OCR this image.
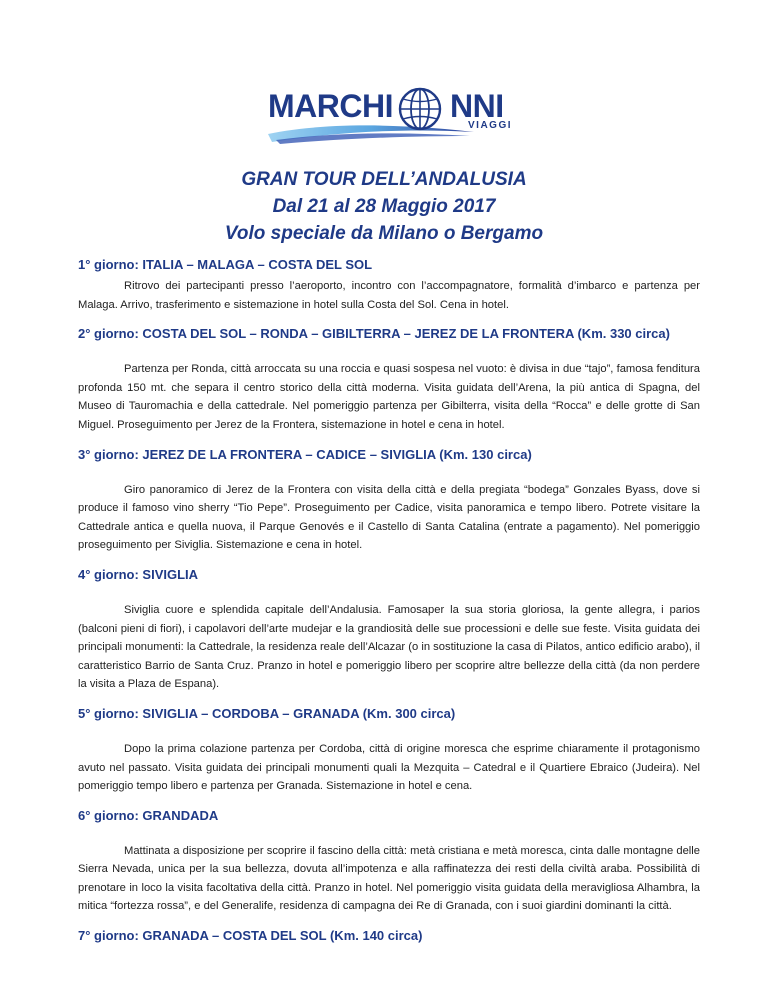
MARCHI NNI
VIAGGI
GRAN TOUR DELL’ANDALUSIA
Dal 21 al 28 Maggio 2017
Volo speciale da Milano o Bergamo
1° giorno: ITALIA – MALAGA – COSTA DEL SOL

Ritrovo dei partecipanti presso l’aeroporto, incontro con l’accompagnatore, formalità d’imbarco e partenza per Malaga. Arrivo, trasferimento e sistemazione in hotel sulla Costa del Sol. Cena in hotel.

2° giorno: COSTA DEL SOL – RONDA – GIBILTERRA – JEREZ DE LA FRONTERA (Km. 330 circa)

Partenza per Ronda, città arroccata su una roccia e quasi sospesa nel vuoto: è divisa in due “tajo”, famosa fenditura profonda 150 mt. che separa il centro storico della città moderna. Visita guidata dell’Arena, la più antica di Spagna, del Museo di Tauromachia e della cattedrale. Nel pomeriggio partenza per Gibilterra, visita della “Rocca” e delle grotte di San Miguel. Proseguimento per Jerez de la Frontera, sistemazione in hotel e cena in hotel.

3° giorno: JEREZ DE LA FRONTERA – CADICE – SIVIGLIA (Km. 130 circa)

Giro panoramico di Jerez de la Frontera con visita della città e della pregiata “bodega” Gonzales Byass, dove si produce il famoso vino sherry “Tio Pepe”. Proseguimento per Cadice, visita panoramica e tempo libero. Potrete visitare la Cattedrale antica e quella nuova, il Parque Genovés e il Castello di Santa Catalina (entrate a pagamento). Nel pomeriggio proseguimento per Siviglia. Sistemazione e cena in hotel.

4° giorno: SIVIGLIA

Siviglia cuore e splendida capitale dell’Andalusia. Famosaper la sua storia gloriosa, la gente allegra, i parios (balconi pieni di fiori), i capolavori dell’arte mudejar e la grandiosità delle sue processioni e delle sue feste. Visita guidata dei principali monumenti: la Cattedrale, la residenza reale dell’Alcazar (o in sostituzione la casa di Pilatos, antico edificio arabo), il caratteristico Barrio de Santa Cruz. Pranzo in hotel e pomeriggio libero per scoprire altre bellezze della città (da non perdere la visita a Plaza de Espana).

5° giorno: SIVIGLIA – CORDOBA – GRANADA (Km. 300 circa)

Dopo la prima colazione partenza per Cordoba, città di origine moresca che esprime chiaramente il protagonismo avuto nel passato. Visita guidata dei principali monumenti quali la Mezquita – Catedral e il Quartiere Ebraico (Judeira). Nel pomeriggio tempo libero e partenza per Granada. Sistemazione in hotel e cena.

6° giorno: GRANDADA

Mattinata a disposizione per scoprire il fascino della città: metà cristiana e metà moresca, cinta dalle montagne delle Sierra Nevada, unica per la sua bellezza, dovuta all’impotenza e alla raffinatezza dei resti della civiltà araba. Possibilità di prenotare in loco la visita facoltativa della città. Pranzo in hotel. Nel pomeriggio visita guidata della meravigliosa Alhambra, la mitica “fortezza rossa”, e del Generalife, residenza di campagna dei Re di Granada, con i suoi giardini dominanti la città.

7° giorno: GRANADA – COSTA DEL SOL (Km. 140 circa)
